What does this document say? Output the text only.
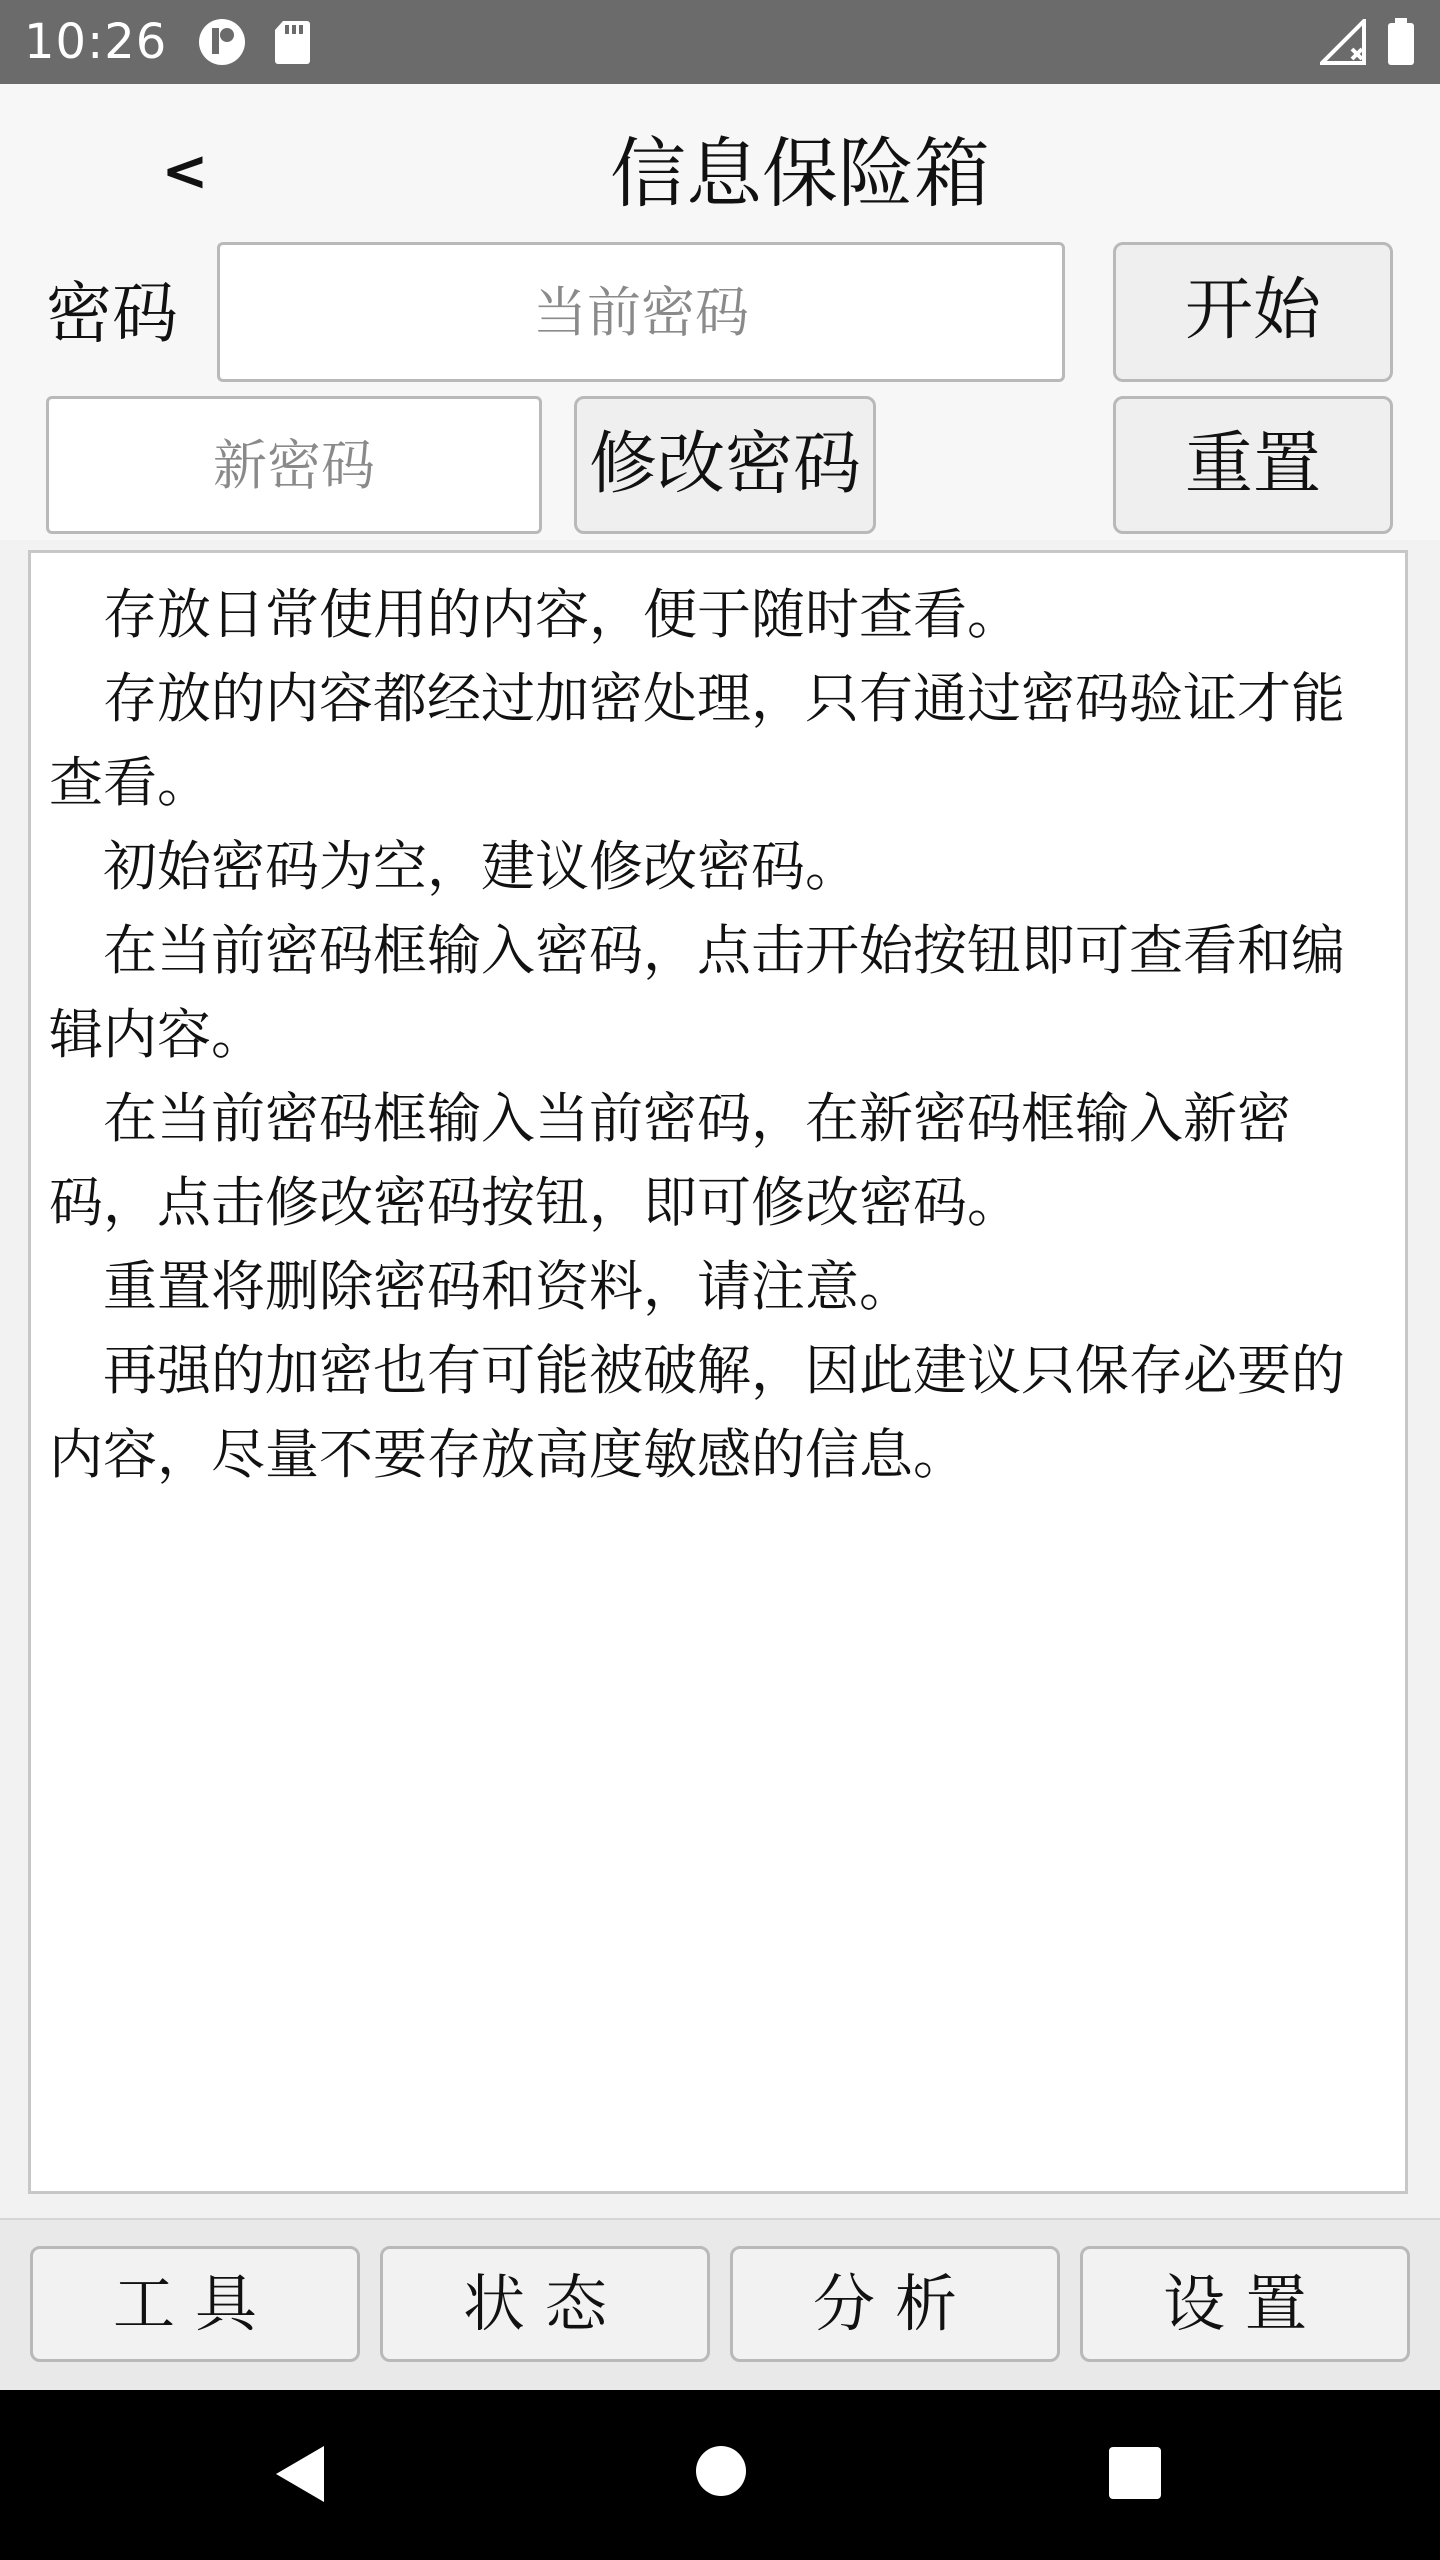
10:26
<	信息保险箱
密码	开始
修改密码	重置

存放日常使用的内容，便于随时查看。

存放的内容都经过加密处理，只有通过密码验证才能查看。

初始密码为空，建议修改密码。

在当前密码框输入密码，点击开始按钮即可查看和编辑内容。

在当前密码框输入当前密码，在新密码框输入新密码，点击修改密码按钮，即可修改密码。

重置将删除密码和资料，请注意。

再强的加密也有可能被破解，因此建议只保存必要的内容，尽量不要存放高度敏感的信息。

工具	状态	分析	设置
